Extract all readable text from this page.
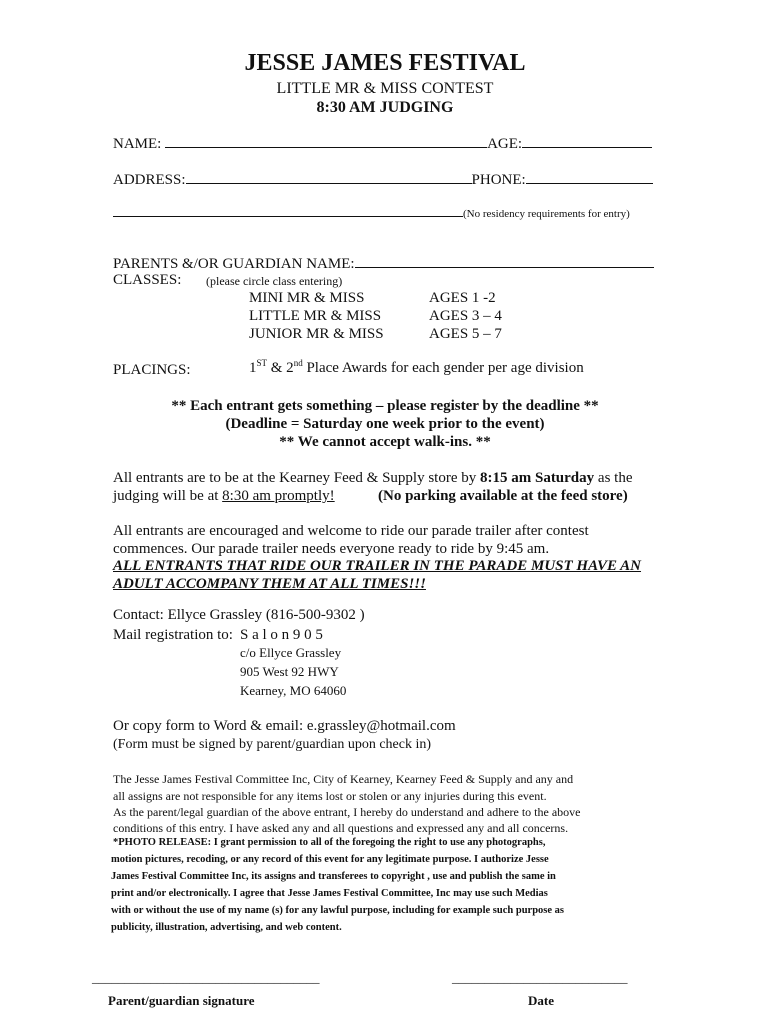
JESSE JAMES FESTIVAL
LITTLE MR & MISS CONTEST
8:30 AM JUDGING
NAME:	AGE:
ADDRESS:	PHONE:
(No residency requirements for entry)
PARENTS &/OR GUARDIAN NAME:
CLASSES: (please circle class entering)
MINI MR & MISS	AGES 1 -2
LITTLE MR & MISS	AGES 3 – 4
JUNIOR MR & MISS	AGES 5 – 7
PLACINGS:	1ST & 2nd Place Awards for each gender per age division
** Each entrant gets something – please register by the deadline **
(Deadline = Saturday one week prior to the event)
** We cannot accept walk-ins. **
All entrants are to be at the Kearney Feed & Supply store by 8:15 am Saturday as the
judging will be at 8:30 am promptly!	(No parking available at the feed store)
All entrants are encouraged and welcome to ride our parade trailer after contest
commences. Our parade trailer needs everyone ready to ride by 9:45 am.
ALL ENTRANTS THAT RIDE OUR TRAILER IN THE PARADE MUST HAVE AN
ADULT ACCOMPANY THEM AT ALL TIMES!!!
Contact: Ellyce Grassley (816-500-9302 )
Mail registration to: S a l o n 9 0 5
c/o Ellyce Grassley
905 West 92 HWY
Kearney, MO 64060
Or copy form to Word & email: e.grassley@hotmail.com
(Form must be signed by parent/guardian upon check in)
The Jesse James Festival Committee Inc, City of Kearney, Kearney Feed & Supply and any and
all assigns are not responsible for any items lost or stolen or any injuries during this event.
As the parent/legal guardian of the above entrant, I hereby do understand and adhere to the above
conditions of this entry. I have asked any and all questions and expressed any and all concerns.
*PHOTO RELEASE: I grant permission to all of the foregoing the right to use any photographs,
motion pictures, recoding, or any record of this event for any legitimate purpose. I authorize Jesse
James Festival Committee Inc, its assigns and transferees to copyright , use and publish the same in
print and/or electronically. I agree that Jesse James Festival Committee, Inc may use such Medias
with or without the use of my name (s) for any lawful purpose, including for example such purpose as
publicity, illustration, advertising, and web content.
___________________________________	___________________________
Parent/guardian signature	Date
